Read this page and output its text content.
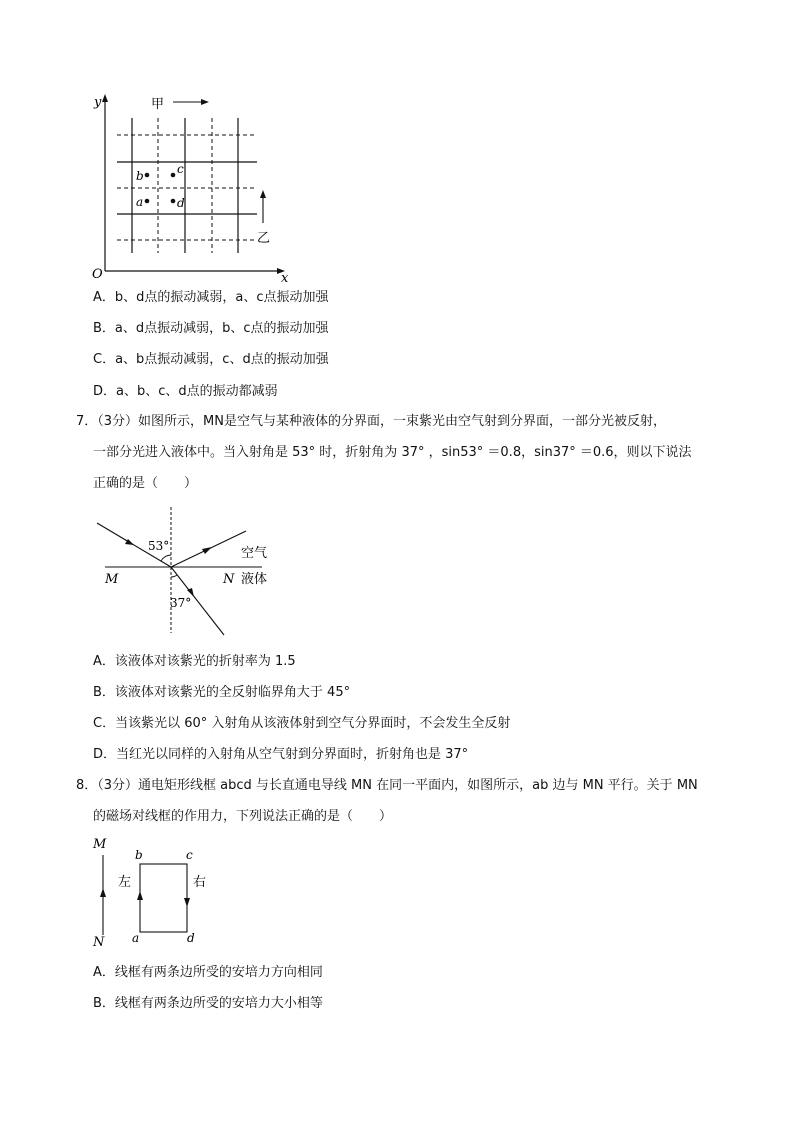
y
x
O
甲
乙
b	c
a	d
A．b、d点的振动减弱，a、c点振动加强
B．a、d点振动减弱，b、c点的振动加强
C．a、b点振动减弱，c、d点的振动加强
D．a、b、c、d点的振动都减弱
7．（3分）如图所示，MN是空气与某种液体的分界面，一束紫光由空气射到分界面，一部分光被反射，
一部分光进入液体中。当入射角是 53° 时，折射角为 37° ，sin53° ＝0.8，sin37° ＝0.6，则以下说法
正确的是（　　）
53°
37°
M	N
空气
液体
A．该液体对该紫光的折射率为 1.5
B．该液体对该紫光的全反射临界角大于 45°
C．当该紫光以 60° 入射角从该液体射到空气分界面时，不会发生全反射
D．当红光以同样的入射角从空气射到分界面时，折射角也是 37°
8．（3分）通电矩形线框 abcd 与长直通电导线 MN 在同一平面内，如图所示，ab 边与 MN 平行。关于 MN
的磁场对线框的作用力，下列说法正确的是（　　）
M
N
b	c
a	d
左	右
A．线框有两条边所受的安培力方向相同
B．线框有两条边所受的安培力大小相等
